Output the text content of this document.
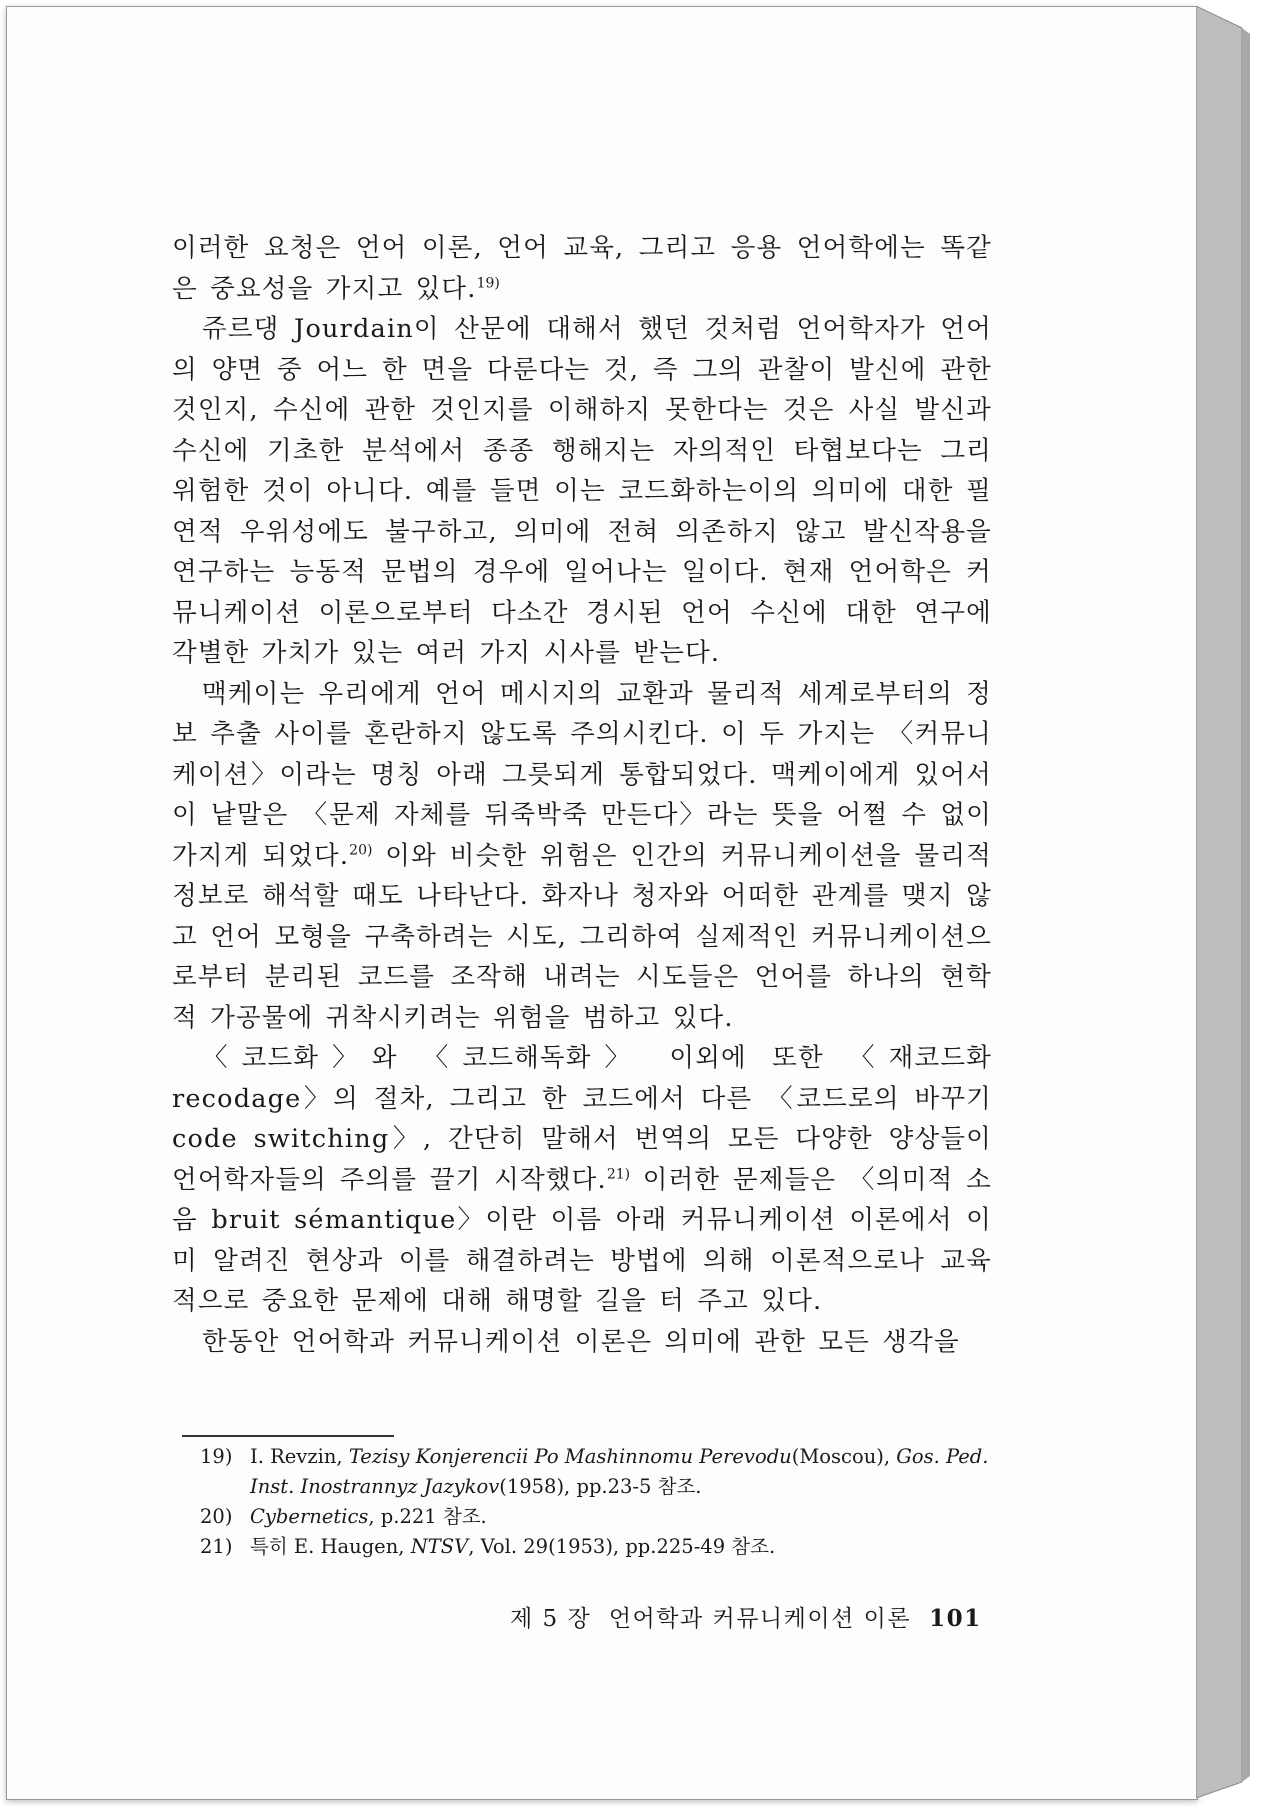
이러한 요청은 언어 이론, 언어 교육, 그리고 응용 언어학에는 똑같은 중요성을 가지고 있다.$^{19)}$

쥬르댕 Jourdain이 산문에 대해서 했던 것처럼 언어학자가 언어의 양면 중 어느 한 면을 다룬다는 것, 즉 그의 관찰이 발신에 관한 것인지, 수신에 관한 것인지를 이해하지 못한다는 것은 사실 발신과 수신에 기초한 분석에서 종종 행해지는 자의적인 타협보다는 그리 위험한 것이 아니다. 예를 들면 이는 코드화하는이의 의미에 대한 필연적 우위성에도 불구하고, 의미에 전혀 의존하지 않고 발신작용을 연구하는 능동적 문법의 경우에 일어나는 일이다. 현재 언어학은 커뮤니케이션 이론으로부터 다소간 경시된 언어 수신에 대한 연구에 각별한 가치가 있는 여러 가지 시사를 받는다.

맥케이는 우리에게 언어 메시지의 교환과 물리적 세계로부터의 정보 추출 사이를 혼란하지 않도록 주의시킨다. 이 두 가지는 〈커뮤니케이션〉이라는 명칭 아래 그릇되게 통합되었다. 맥케이에게 있어서 이 낱말은 〈문제 자체를 뒤죽박죽 만든다〉라는 뜻을 어쩔 수 없이 가지게 되었다.$^{20)}$ 이와 비슷한 위험은 인간의 커뮤니케이션을 물리적 정보로 해석할 때도 나타난다. 화자나 청자와 어떠한 관계를 맺지 않고 언어 모형을 구축하려는 시도, 그리하여 실제적인 커뮤니케이션으로부터 분리된 코드를 조작해 내려는 시도들은 언어를 하나의 현학적 가공물에 귀착시키려는 위험을 범하고 있다.

〈코드화〉와 〈코드해독화〉 이외에 또한 〈재코드화 recodage〉의 절차, 그리고 한 코드에서 다른 〈코드로의 바꾸기 code switching〉, 간단히 말해서 번역의 모든 다양한 양상들이 언어학자들의 주의를 끌기 시작했다.$^{21)}$ 이러한 문제들은 〈의미적 소음 bruit sémantique〉이란 이름 아래 커뮤니케이션 이론에서 이미 알려진 현상과 이를 해결하려는 방법에 의해 이론적으로나 교육적으로 중요한 문제에 대해 해명할 길을 터 주고 있다.

한동안 언어학과 커뮤니케이션 이론은 의미에 관한 모든 생각을

19) I. Revzin, Tezisy Konjerencii Po Mashinnomu Perevodu(Moscou), Gos. Ped. Inst. Inostrannyz Jazykov(1958), pp.23-5 참조.

20) Cybernetics, p.221 참조.

21) 특히 E. Haugen, NTSV, Vol. 29(1953), pp.225-49 참조.

제 5 장  언어학과 커뮤니케이션 이론 101
